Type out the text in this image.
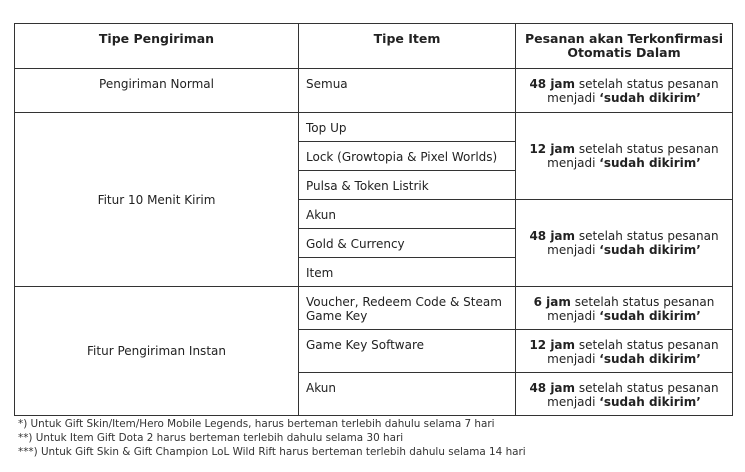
Tipe Pengiriman	Tipe Item	Pesanan akan Terkonfirmasi Otomatis Dalam
Pengiriman Normal	Semua	48 jam setelah status pesanan menjadi ‘sudah dikirim’
Fitur 10 Menit Kirim	Top Up	12 jam setelah status pesanan menjadi ‘sudah dikirim’
	Lock (Growtopia & Pixel Worlds)	
	Pulsa & Token Listrik	
	Akun	48 jam setelah status pesanan menjadi ‘sudah dikirim’
	Gold & Currency	
	Item	
Fitur Pengiriman Instan	Voucher, Redeem Code & Steam Game Key	6 jam setelah status pesanan menjadi ‘sudah dikirim’
	Game Key Software	12 jam setelah status pesanan menjadi ‘sudah dikirim’
	Akun	48 jam setelah status pesanan menjadi ‘sudah dikirim’
*) Untuk Gift Skin/Item/Hero Mobile Legends, harus berteman terlebih dahulu selama 7 hari
**) Untuk Item Gift Dota 2 harus berteman terlebih dahulu selama 30 hari
***) Untuk Gift Skin & Gift Champion LoL Wild Rift harus berteman terlebih dahulu selama 14 hari
